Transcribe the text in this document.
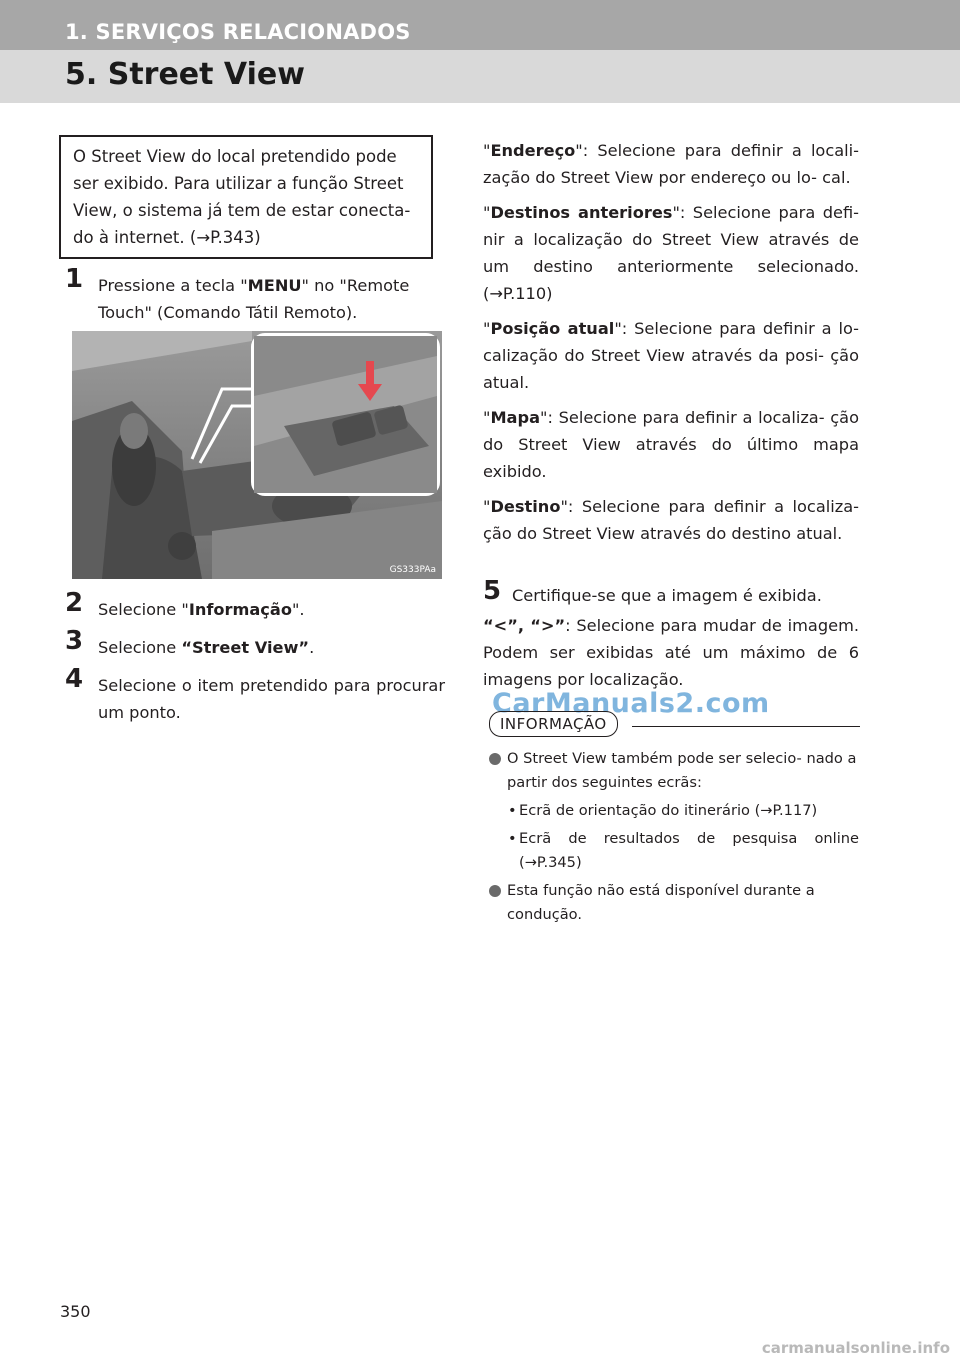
1. SERVIÇOS RELACIONADOS
5. Street View
O Street View do local pretendido pode
ser exibido. Para utilizar a função Street
View, o sistema já tem de estar conecta-
do à internet. (→P.343)
1 Pressione a tecla "MENU" no "Remote Touch" (Comando Tátil Remoto).
GS333PAa
2 Selecione "Informação".
3 Selecione “Street View”.
4 Selecione o item pretendido para procurar um ponto.

"Endereço": Selecione para definir a locali- zação do Street View por endereço ou lo- cal.

"Destinos anteriores": Selecione para defi- nir a localização do Street View através de um destino anteriormente selecionado. (→P.110)

"Posição atual": Selecione para definir a lo- calização do Street View através da posi- ção atual.

"Mapa": Selecione para definir a localiza- ção do Street View através do último mapa exibido.

"Destino": Selecione para definir a localiza- ção do Street View através do destino atual.

5 Certifique-se que a imagem é exibida.
“<”, “>”: Selecione para mudar de imagem. Podem ser exibidas até um máximo de 6 imagens por localização.
CarManuals2.com
INFORMAÇÃO
O Street View também pode ser selecio- nado a partir dos seguintes ecrãs:
• Ecrã de orientação do itinerário (→P.117)
• Ecrã de resultados de pesquisa online (→P.345)
Esta função não está disponível durante a condução.
350
carmanualsonline.info
